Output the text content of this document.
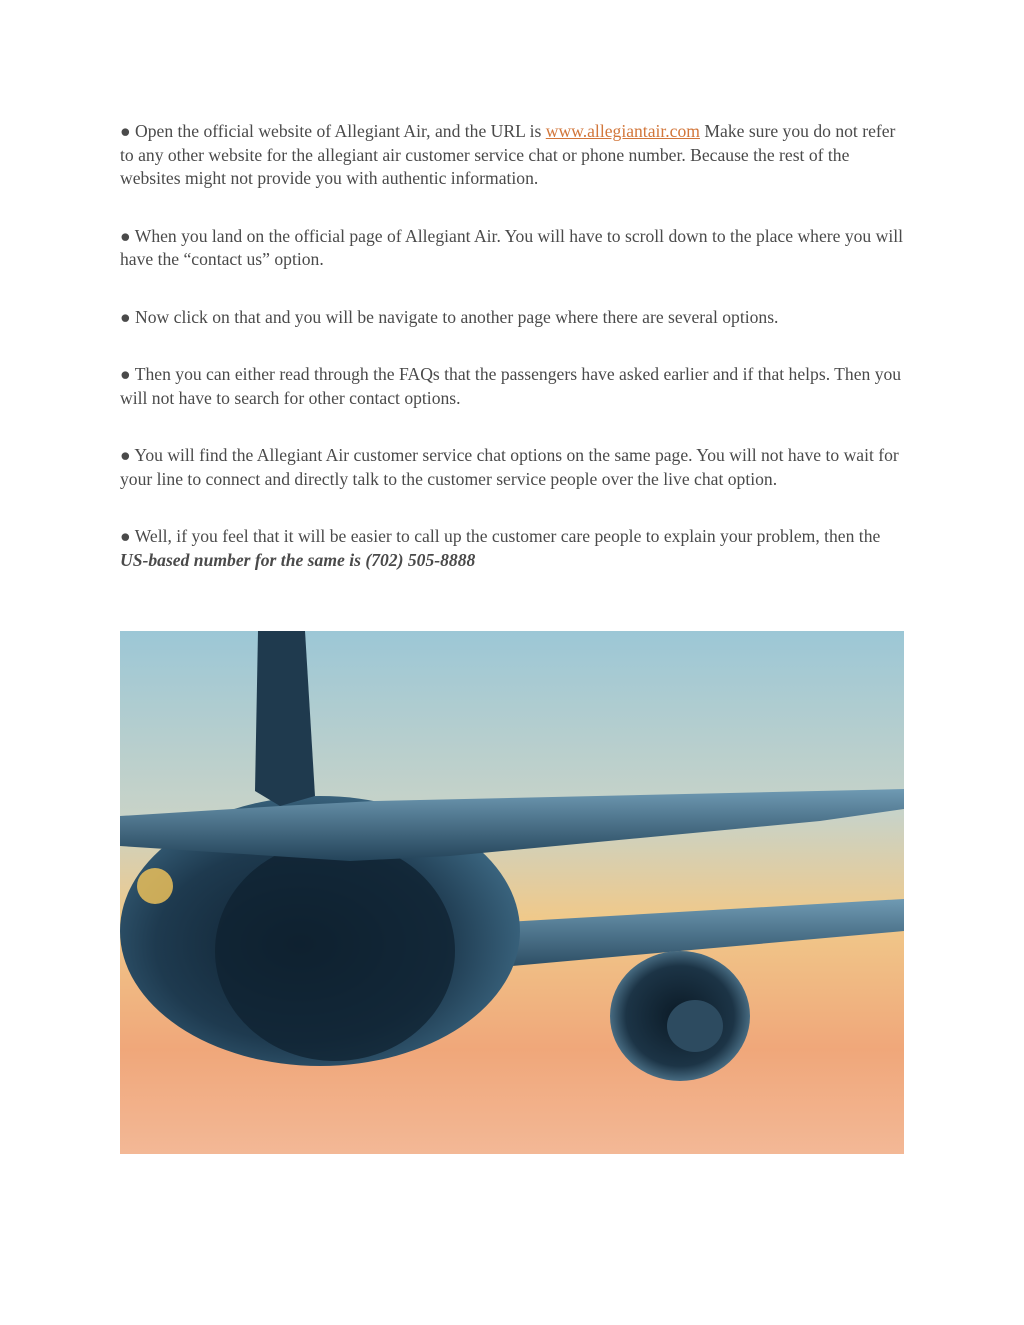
● Open the official website of Allegiant Air, and the URL is www.allegiantair.com Make sure you do not refer to any other website for the allegiant air customer service chat or phone number. Because the rest of the websites might not provide you with authentic information.

● When you land on the official page of Allegiant Air. You will have to scroll down to the place where you will have the “contact us” option.

● Now click on that and you will be navigate to another page where there are several options.

● Then you can either read through the FAQs that the passengers have asked earlier and if that helps. Then you will not have to search for other contact options.

● You will find the Allegiant Air customer service chat options on the same page. You will not have to wait for your line to connect and directly talk to the customer service people over the live chat option.

● Well, if you feel that it will be easier to call up the customer care people to explain your problem, then the US-based number for the same is (702) 505-8888
